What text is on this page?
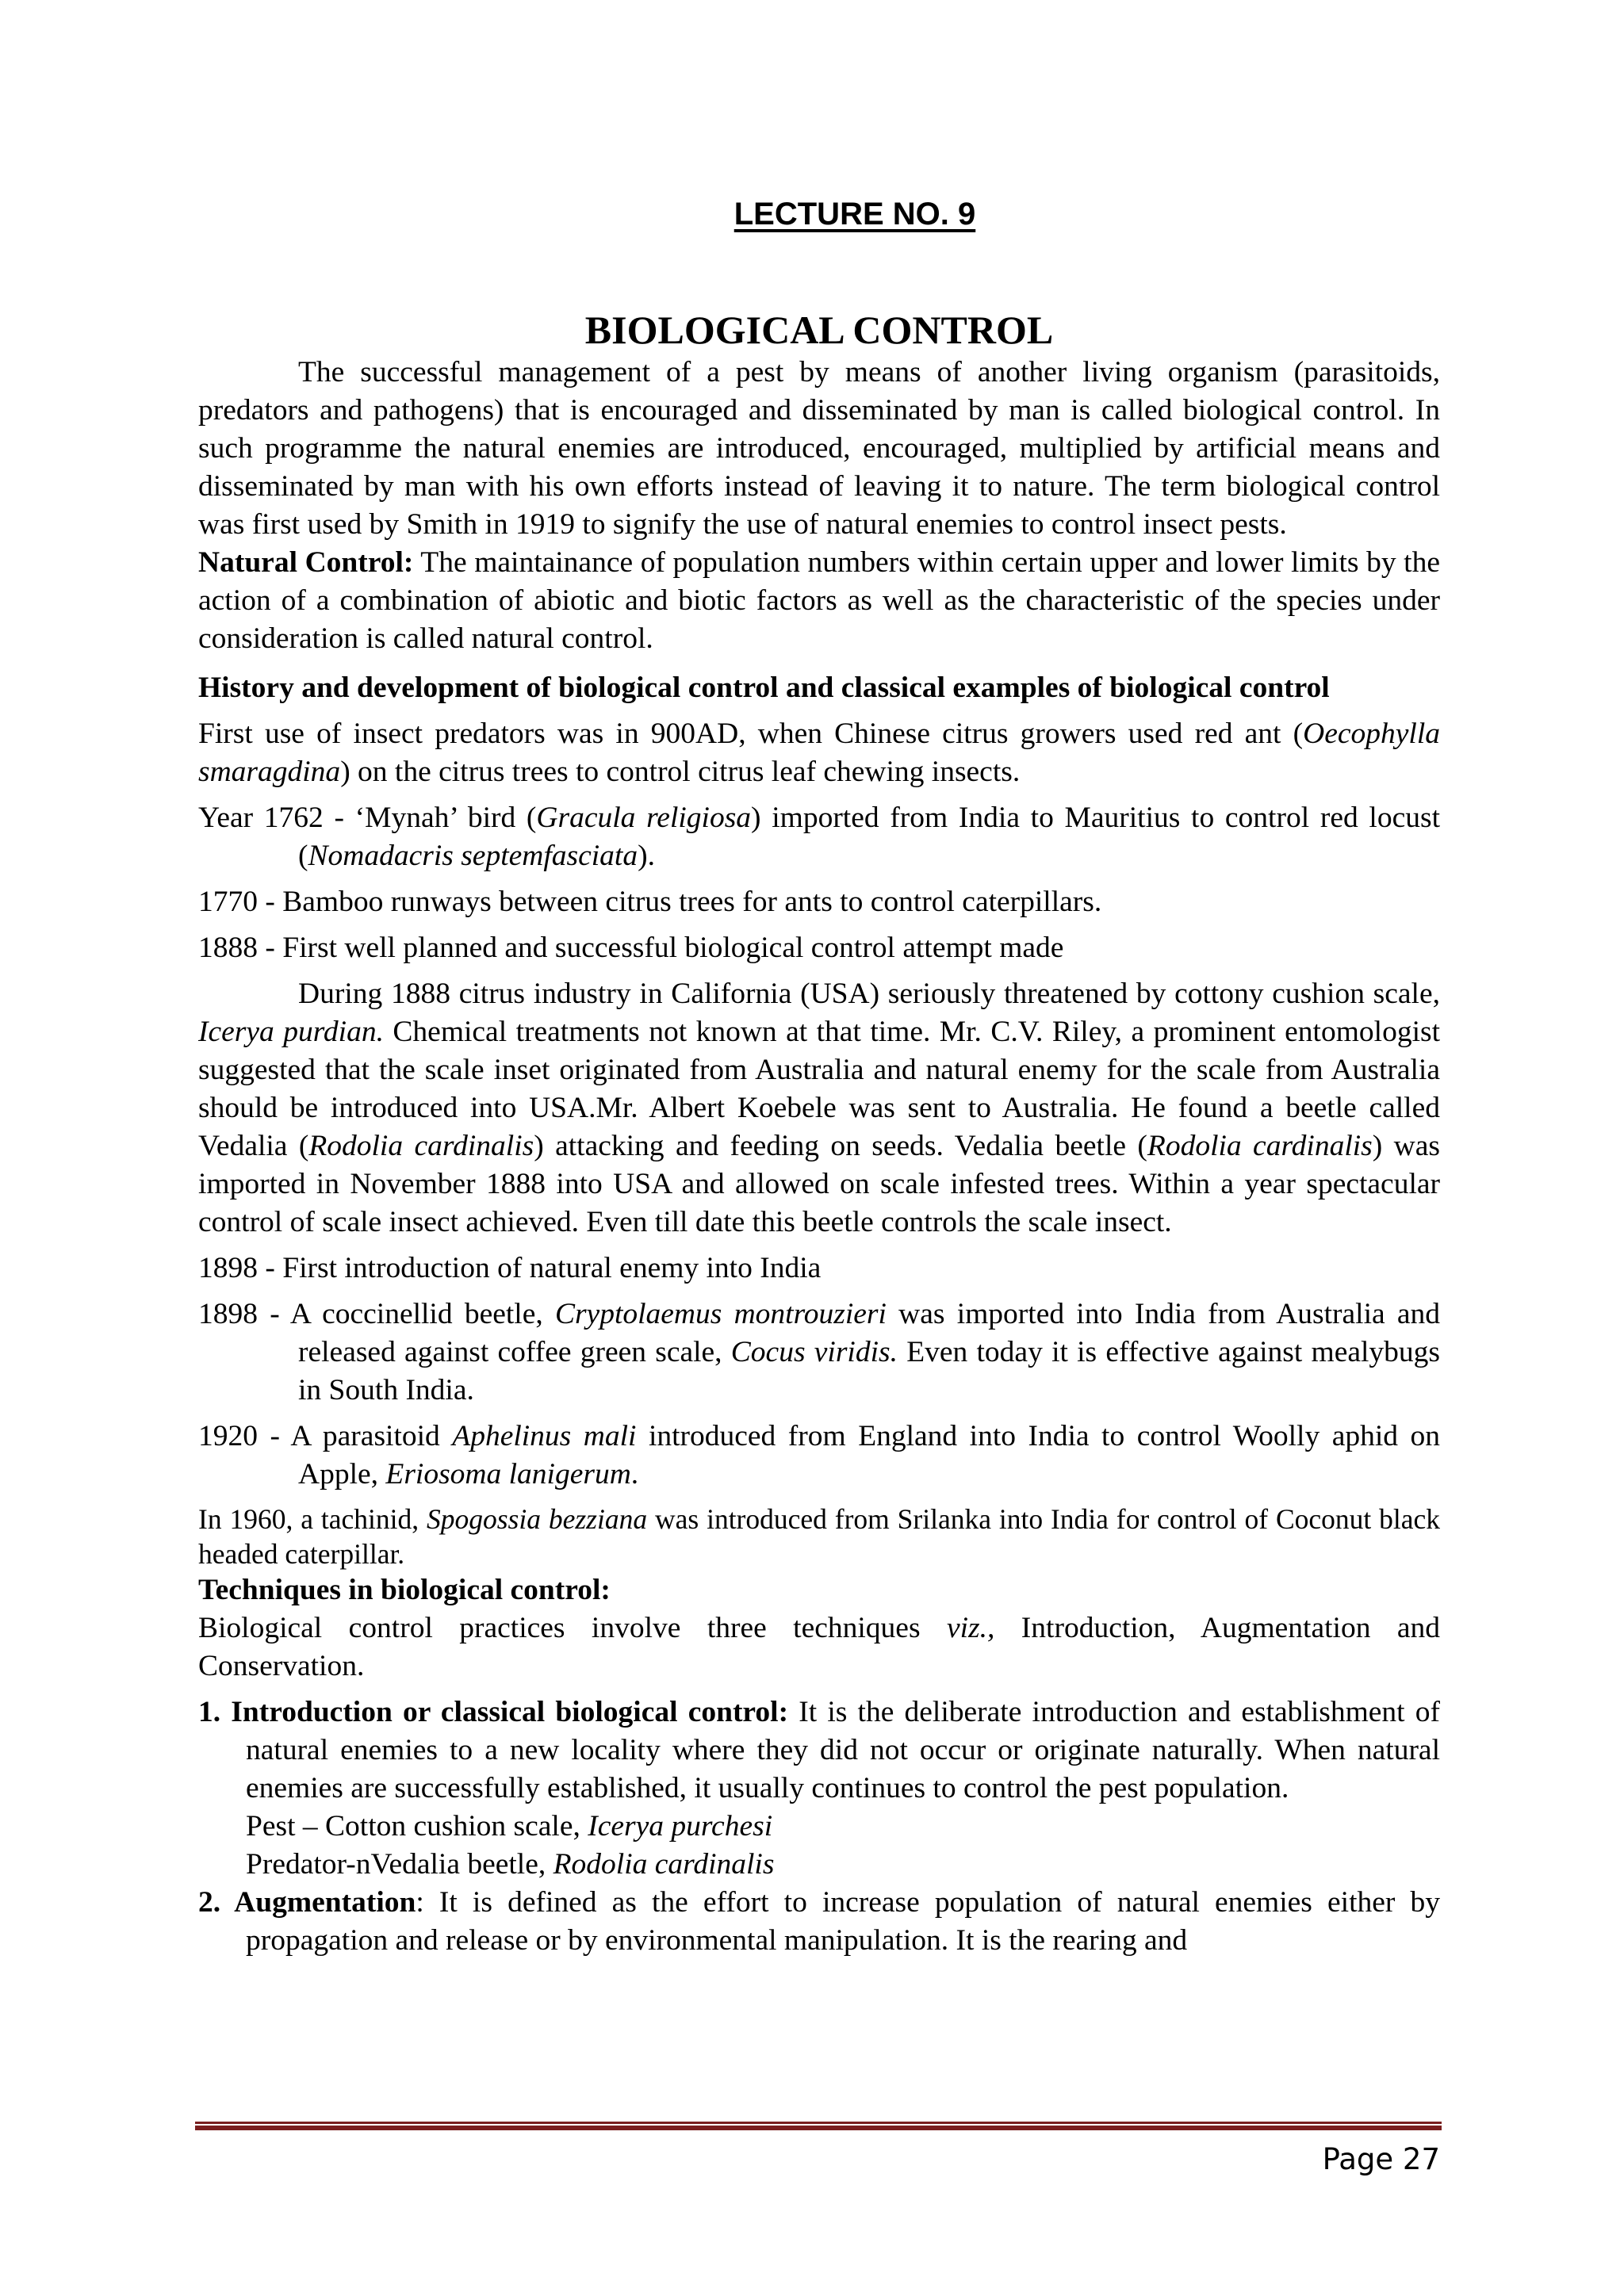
LECTURE NO. 9
BIOLOGICAL CONTROL

The successful management of a pest by means of another living organism (parasitoids, predators and pathogens) that is encouraged and disseminated by man is called biological control. In such programme the natural enemies are introduced, encouraged, multiplied by artificial means and disseminated by man with his own efforts instead of leaving it to nature. The term biological control was first used by Smith in 1919 to signify the use of natural enemies to control insect pests.

Natural Control: The maintainance of population numbers within certain upper and lower limits by the action of a combination of abiotic and biotic factors as well as the characteristic of the species under consideration is called natural control.

History and development of biological control and classical examples of biological control

First use of insect predators was in 900AD, when Chinese citrus growers used red ant (Oecophylla smaragdina) on the citrus trees to control citrus leaf chewing insects.

Year 1762 - ‘Mynah’ bird (Gracula religiosa) imported from India to Mauritius to control red locust (Nomadacris septemfasciata).

1770 - Bamboo runways between citrus trees for ants to control caterpillars.

1888 - First well planned and successful biological control attempt made

During 1888 citrus industry in California (USA) seriously threatened by cottony cushion scale, Icerya purdian. Chemical treatments not known at that time. Mr. C.V. Riley, a prominent entomologist suggested that the scale inset originated from Australia and natural enemy for the scale from Australia should be introduced into USA.Mr. Albert Koebele was sent to Australia. He found a beetle called Vedalia (Rodolia cardinalis) attacking and feeding on seeds. Vedalia beetle (Rodolia cardinalis) was imported in November 1888 into USA and allowed on scale infested trees. Within a year spectacular control of scale insect achieved. Even till date this beetle controls the scale insect.

1898 - First introduction of natural enemy into India

1898 - A coccinellid beetle, Cryptolaemus montrouzieri was imported into India from Australia and released against coffee green scale, Cocus viridis. Even today it is effective against mealybugs in South India.

1920 - A parasitoid Aphelinus mali introduced from England into India to control Woolly aphid on Apple, Eriosoma lanigerum.

In 1960, a tachinid, Spogossia bezziana was introduced from Srilanka into India for control of Coconut black headed caterpillar.

Techniques in biological control:

Biological control practices involve three techniques viz., Introduction, Augmentation and Conservation.

1. Introduction or classical biological control: It is the deliberate introduction and establishment of natural enemies to a new locality where they did not occur or originate naturally. When natural enemies are successfully established, it usually continues to control the pest population.

Pest – Cotton cushion scale, Icerya purchesi

Predator-nVedalia beetle, Rodolia cardinalis

2. Augmentation: It is defined as the effort to increase population of natural enemies either by propagation and release or by environmental manipulation. It is the rearing and

Page 27
